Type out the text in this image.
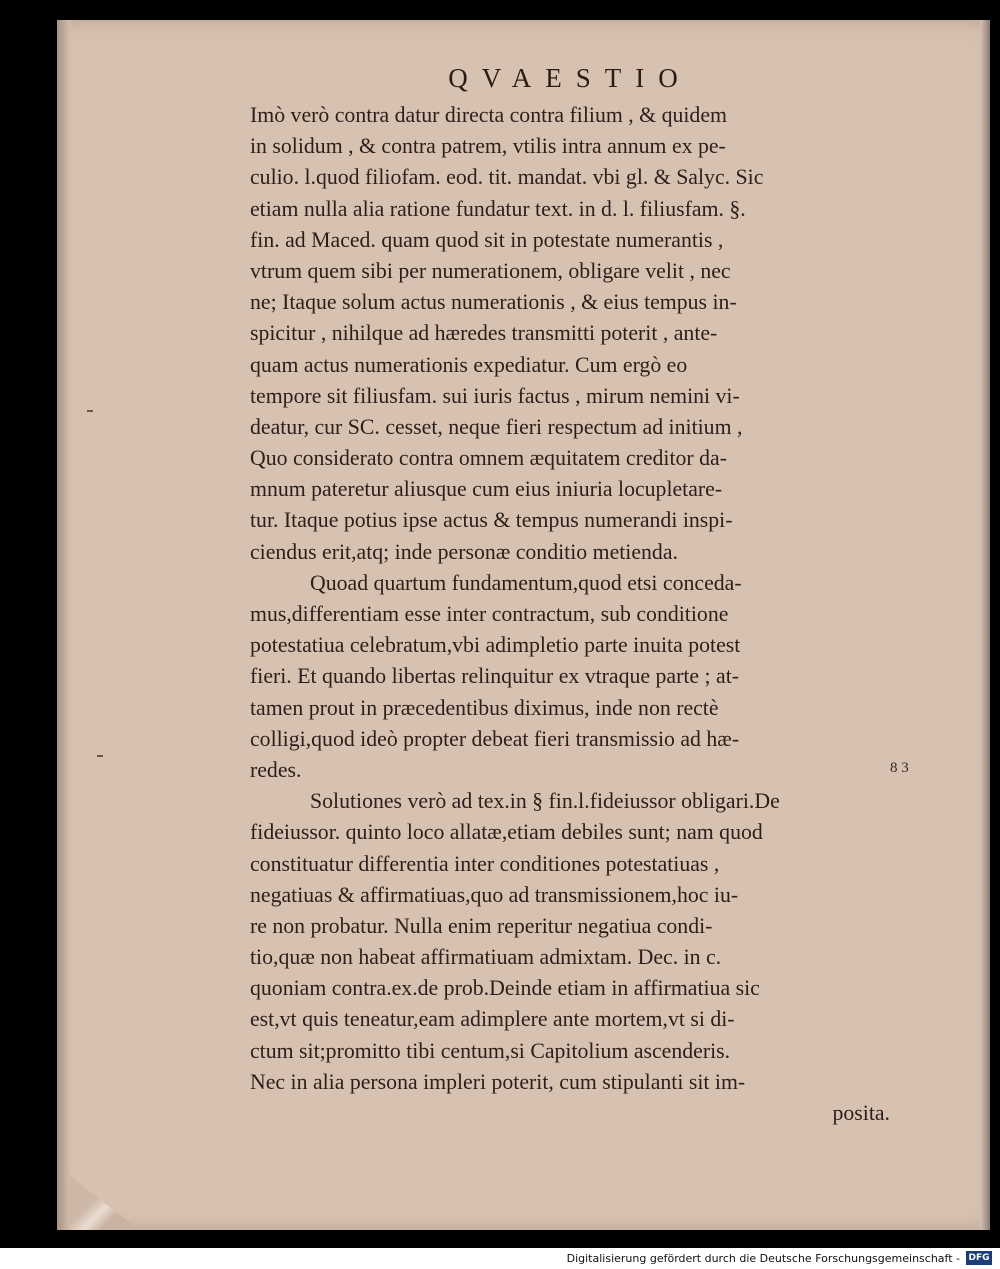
QVAESTIO
Imò verò contra datur directa contra filium , & quidem
in solidum , & contra patrem, vtilis intra annum ex pe-
culio. l.quod filiofam. eod. tit. mandat. vbi gl. & Salyc. Sic
etiam nulla alia ratione fundatur text. in d. l. filiusfam. §.
fin. ad Maced. quam quod sit in potestate numerantis ,
vtrum quem sibi per numerationem, obligare velit , nec
ne; Itaque solum actus numerationis , & eius tempus in-
spicitur , nihilque ad hæredes transmitti poterit , ante-
quam actus numerationis expediatur. Cum ergò eo
tempore sit filiusfam. sui iuris factus , mirum nemini vi-
deatur, cur SC. cesset, neque fieri respectum ad initium ,
Quo considerato contra omnem æquitatem creditor da-
mnum pateretur aliusque cum eius iniuria locupletare-
tur. Itaque potius ipse actus & tempus numerandi inspi-
ciendus erit,atq; inde personæ conditio metienda.
Quoad quartum fundamentum,quod etsi conceda-
mus,differentiam esse inter contractum, sub conditione
potestatiua celebratum,vbi adimpletio parte inuita potest
fieri. Et quando libertas relinquitur ex vtraque parte ; at-
tamen prout in præcedentibus diximus, inde non rectè
colligi,quod ideò propter debeat fieri transmissio ad hæ-
redes.
Solutiones verò ad tex.in § fin.l.fideiussor obligari.De
fideiussor. quinto loco allatæ,etiam debiles sunt; nam quod
constituatur differentia inter conditiones potestatiuas ,
negatiuas & affirmatiuas,quo ad transmissionem,hoc iu-
re non probatur. Nulla enim reperitur negatiua condi-
tio,quæ non habeat affirmatiuam admixtam. Dec. in c.
quoniam contra.ex.de prob.Deinde etiam in affirmatiua sic
est,vt quis teneatur,eam adimplere ante mortem,vt si di-
ctum sit;promitto tibi centum,si Capitolium ascenderis.
Nec in alia persona impleri poterit, cum stipulanti sit im-
posita.
8 3
Digitalisierung gefördert durch die Deutsche Forschungsgemeinschaft - DFG
